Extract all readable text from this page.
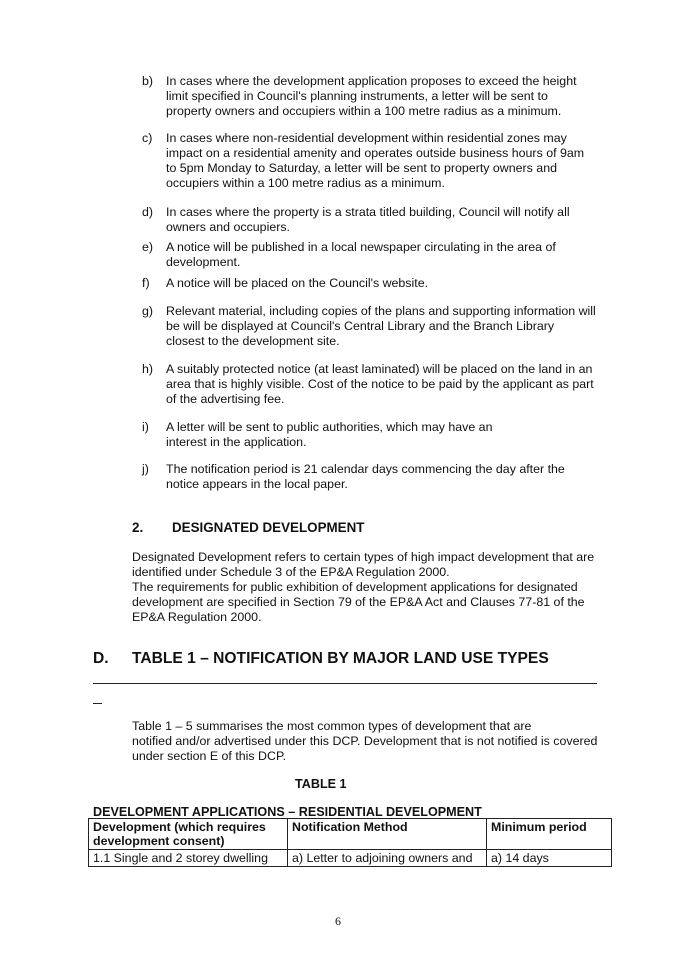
b)	In cases where the development application proposes to exceed the height
limit specified in Council's planning instruments, a letter will be sent to
property owners and occupiers within a 100 metre radius as a minimum.
c)	In cases where non-residential development within residential zones may
impact on a residential amenity and operates outside business hours of 9am
to 5pm Monday to Saturday, a letter will be sent to property owners and
occupiers within a 100 metre radius as a minimum.
d)	In cases where the property is a strata titled building, Council will notify all
owners and occupiers.
e)	A notice will be published in a local newspaper circulating in the area of
development.
f)	A notice will be placed on the Council's website.
g)	Relevant material, including copies of the plans and supporting information will
be will be displayed at Council's Central Library and the Branch Library
closest to the development site.
h)	A suitably protected notice (at least laminated) will be placed on the land in an
area that is highly visible. Cost of the notice to be paid by the applicant as part
of the advertising fee.
i)	A letter will be sent to public authorities, which may have an
interest in the application.
j)	The notification period is 21 calendar days commencing the day after the
notice appears in the local paper.
2. DESIGNATED DEVELOPMENT
Designated Development refers to certain types of high impact development that are
identified under Schedule 3 of the EP&A Regulation 2000.
The requirements for public exhibition of development applications for designated
development are specified in Section 79 of the EP&A Act and Clauses 77-81 of the
EP&A Regulation 2000.
D. TABLE 1 – NOTIFICATION BY MAJOR LAND USE TYPES
Table 1 – 5 summarises the most common types of development that are
notified and/or advertised under this DCP. Development that is not notified is covered
under section E of this DCP.
TABLE 1
DEVELOPMENT APPLICATIONS – RESIDENTIAL DEVELOPMENT
Development (which requires development consent)	Notification Method	Minimum period
1.1 Single and 2 storey dwelling	a) Letter to adjoining owners and	a) 14 days
6
